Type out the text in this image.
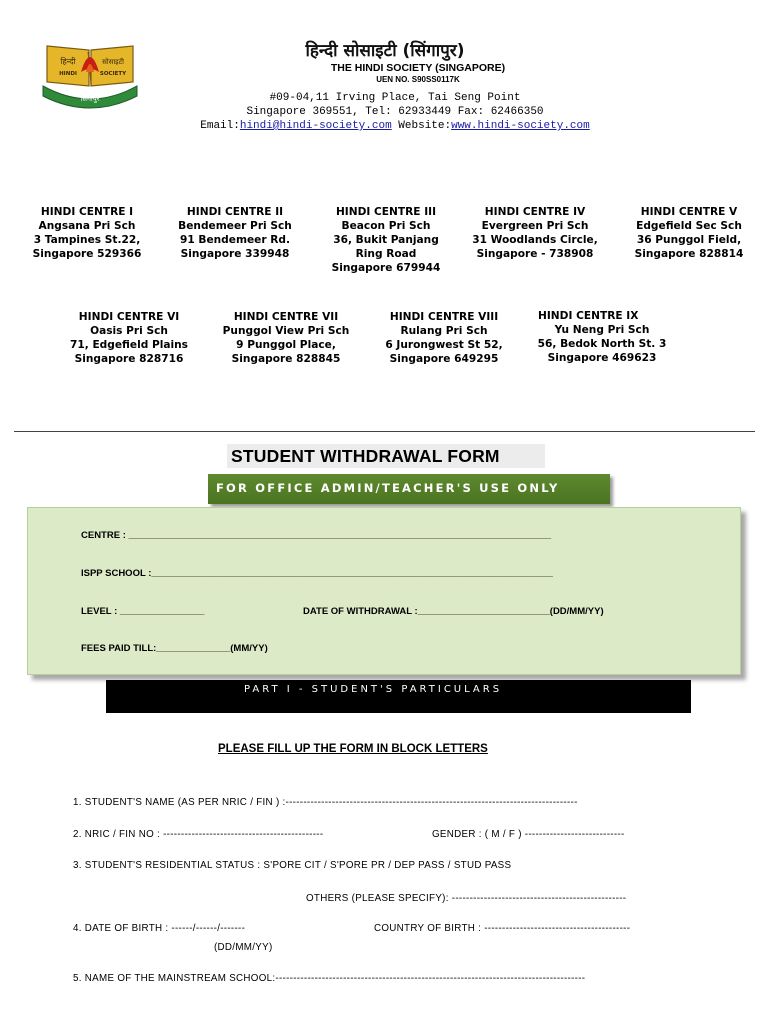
हिन्दी	सोसाइटी
HINDI	SOCIETY
सिंगापुर
हिन्दी सोसाइटी (सिंगापुर)
THE HINDI SOCIETY (SINGAPORE)
UEN NO. S90SS0117K
#09-04,11 Irving Place, Tai Seng Point
Singapore 369551, Tel: 62933449 Fax: 62466350
Email:hindi@hindi-society.com Website:www.hindi-society.com
HINDI CENTRE I
Angsana Pri Sch
3 Tampines St.22,
Singapore 529366
HINDI CENTRE II
Bendemeer Pri Sch
91 Bendemeer Rd.
Singapore 339948
HINDI CENTRE III
Beacon Pri Sch
36, Bukit Panjang
Ring Road
Singapore 679944
HINDI CENTRE IV
Evergreen Pri Sch
31 Woodlands Circle,
Singapore - 738908
HINDI CENTRE V
Edgefield Sec Sch
36 Punggol Field,
Singapore 828814
HINDI CENTRE VI
Oasis Pri Sch
71, Edgefield Plains
Singapore 828716
HINDI CENTRE VII
Punggol View Pri Sch
9 Punggol Place,
Singapore 828845
HINDI CENTRE VIII
Rulang Pri Sch
6 Jurongwest St 52,
Singapore 649295
HINDI CENTRE IX
Yu Neng Pri Sch
56, Bedok North St. 3
Singapore 469623
STUDENT WITHDRAWAL FORM
FOR OFFICE ADMIN/TEACHER'S USE ONLY
CENTRE : ________________________________________________________________________________
ISPP SCHOOL :____________________________________________________________________________
LEVEL : ________________	DATE OF WITHDRAWAL :_________________________(DD/MM/YY)
FEES PAID TILL:______________(MM/YY)
PART I - STUDENT'S PARTICULARS
PLEASE FILL UP THE FORM IN BLOCK LETTERS
1. STUDENT'S NAME (AS PER NRIC / FIN ) :----------------------------------------------------------------------------------
2. NRIC / FIN NO : ---------------------------------------------	GENDER : ( M / F ) ----------------------------
3. STUDENT'S RESIDENTIAL STATUS : S'PORE CIT / S'PORE PR / DEP PASS / STUD PASS
OTHERS (PLEASE SPECIFY): -------------------------------------------------
4. DATE OF BIRTH : ------/------/-------	COUNTRY OF BIRTH : -----------------------------------------
(DD/MM/YY)
5. NAME OF THE MAINSTREAM SCHOOL:---------------------------------------------------------------------------------------
